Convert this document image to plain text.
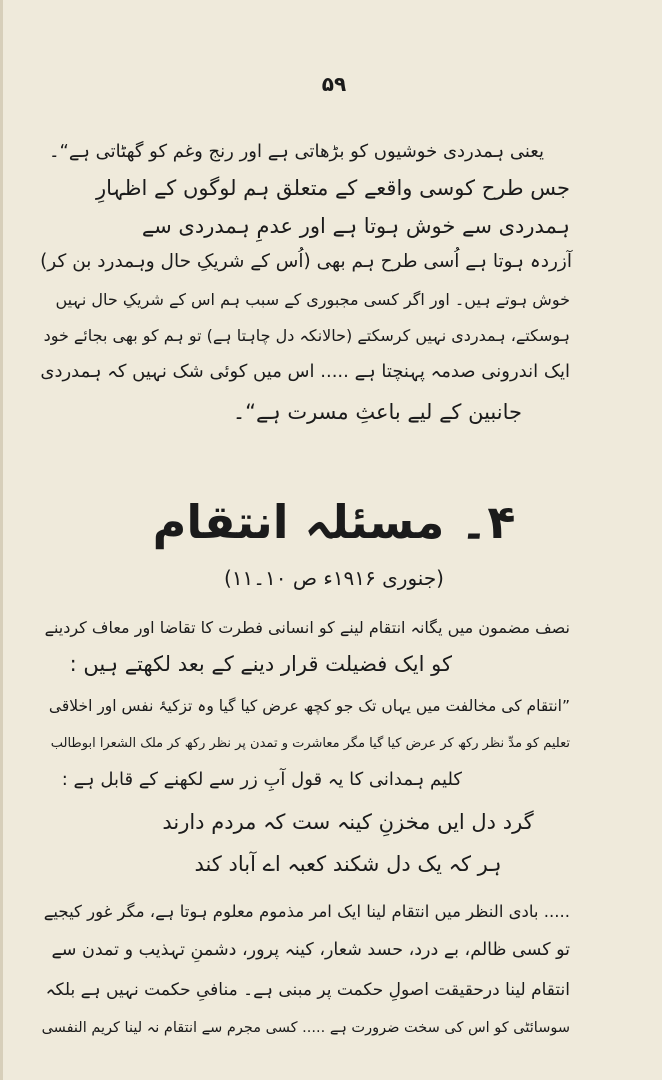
۵۹
یعنی ہمدردی خوشیوں کو بڑھاتی ہے اور رنج وغم کو گھٹاتی ہے“۔
جس طرح کوسی واقعے کے متعلق ہم لوگوں کے اظہارِ
ہمدردی سے خوش ہوتا ہے اور عدمِ ہمدردی سے
آزردہ ہوتا ہے اُسی طرح ہم بھی (اُس کے شریکِ حال وہمدرد بن کر)
خوش ہوتے ہیں۔ اور اگر کسی مجبوری کے سبب ہم اس کے شریکِ حال نہیں
ہوسکتے، ہمدردی نہیں کرسکتے (حالانکہ دل چاہتا ہے) تو ہم کو بھی بجائے خود
ایک اندرونی صدمہ پہنچتا ہے ..... اس میں کوئی شک نہیں کہ ہمدردی
جانبین کے لیے باعثِ مسرت ہے“۔
۴۔ مسئلہ انتقام
(جنوری ۱۹۱۶ء ص ۱۰۔۱۱)
نصف مضمون میں یگانہ انتقام لینے کو انسانی فطرت کا تقاضا اور معاف کردینے
کو ایک فضیلت قرار دینے کے بعد لکھتے ہیں :
”انتقام کی مخالفت میں یہاں تک جو کچھ عرض کیا گیا وہ تزکیۂ نفس اور اخلاقی
تعلیم کو مدِّ نظر رکھ کر عرض کیا گیا مگر معاشرت و تمدن پر نظر رکھ کر ملک الشعرا ابوطالب
کلیم ہمدانی کا یہ قول آبِ زر سے لکھنے کے قابل ہے :
گرد دل ایں مخزنِ کینہ ست کہ مردم دارند
ہر کہ یک دل شکند کعبہ اے آباد کند
..... بادی النظر میں انتقام لینا ایک امر مذموم معلوم ہوتا ہے، مگر غور کیجیے
تو کسی ظالم، بے درد، حسد شعار، کینہ پرور، دشمنِ تہذیب و تمدن سے
انتقام لینا درحقیقت اصولِ حکمت پر مبنی ہے۔ منافیِ حکمت نہیں ہے بلکہ
سوسائٹی کو اس کی سخت ضرورت ہے ..... کسی مجرم سے انتقام نہ لینا کریم النفسی
